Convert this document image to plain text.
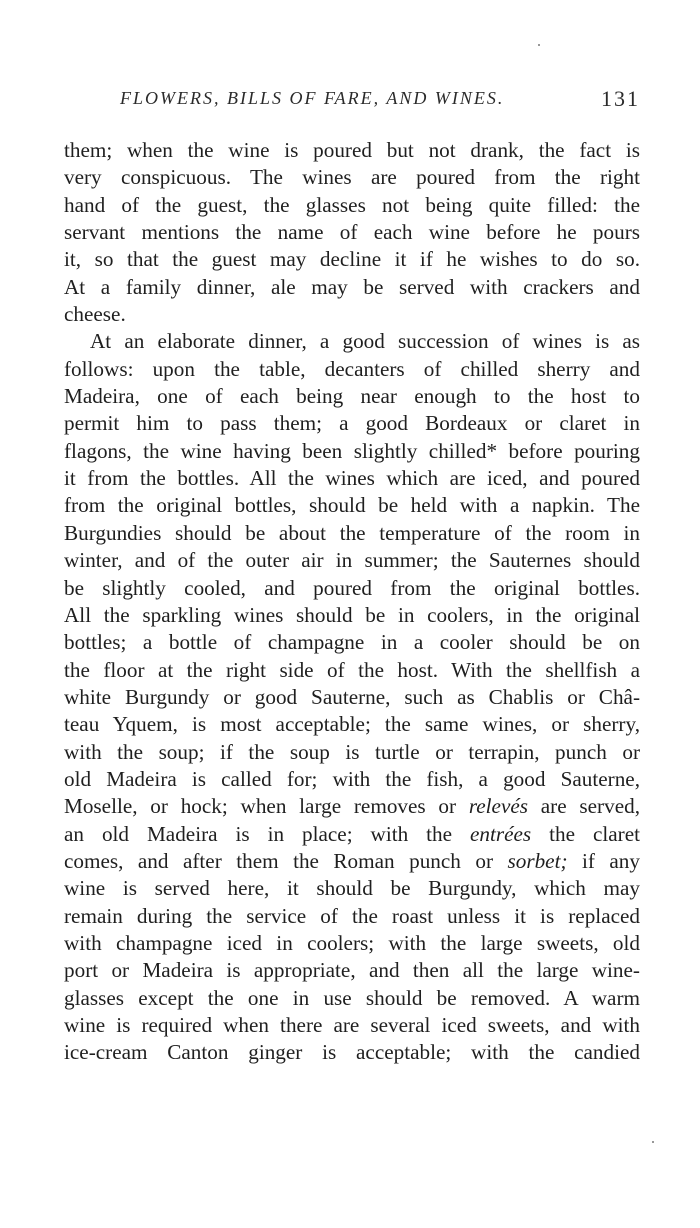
FLOWERS, BILLS OF FARE, AND WINES.	131
them; when the wine is poured but not drank, the fact is
very conspicuous. The wines are poured from the right
hand of the guest, the glasses not being quite filled: the
servant mentions the name of each wine before he pours
it, so that the guest may decline it if he wishes to do so.
At a family dinner, ale may be served with crackers and
cheese.
At an elaborate dinner, a good succession of wines is as
follows: upon the table, decanters of chilled sherry and
Madeira, one of each being near enough to the host to
permit him to pass them; a good Bordeaux or claret in
flagons, the wine having been slightly chilled* before pouring
it from the bottles. All the wines which are iced, and poured
from the original bottles, should be held with a napkin. The
Burgundies should be about the temperature of the room in
winter, and of the outer air in summer; the Sauternes should
be slightly cooled, and poured from the original bottles.
All the sparkling wines should be in coolers, in the original
bottles; a bottle of champagne in a cooler should be on
the floor at the right side of the host. With the shellfish a
white Burgundy or good Sauterne, such as Chablis or Châ-
teau Yquem, is most acceptable; the same wines, or sherry,
with the soup; if the soup is turtle or terrapin, punch or
old Madeira is called for; with the fish, a good Sauterne,
Moselle, or hock; when large removes or relevés are served,
an old Madeira is in place; with the entrées the claret
comes, and after them the Roman punch or sorbet; if any
wine is served here, it should be Burgundy, which may
remain during the service of the roast unless it is replaced
with champagne iced in coolers; with the large sweets, old
port or Madeira is appropriate, and then all the large wine-
glasses except the one in use should be removed. A warm
wine is required when there are several iced sweets, and with
ice-cream Canton ginger is acceptable; with the candied
